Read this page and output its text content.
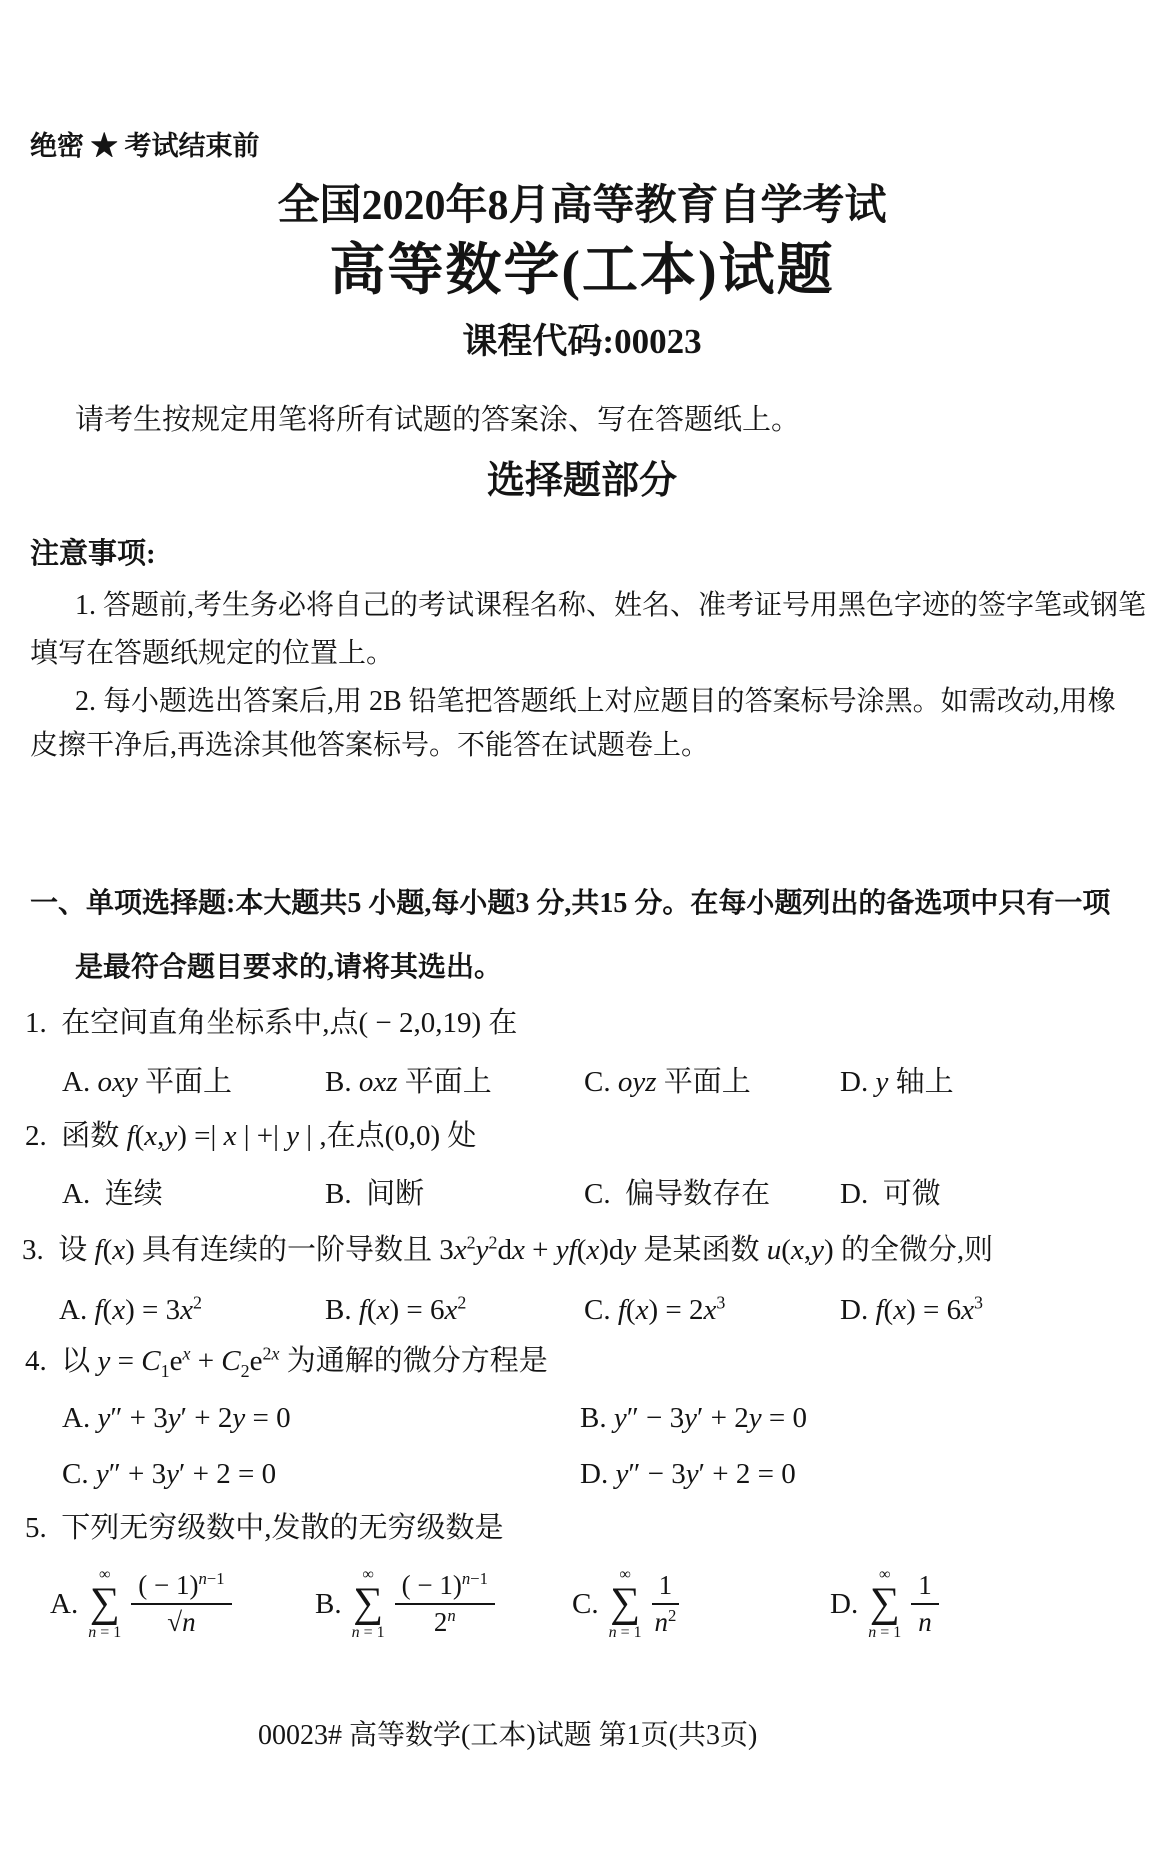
绝密 ★ 考试结束前
全国2020年8月高等教育自学考试
高等数学(工本)试题
课程代码:00023
请考生按规定用笔将所有试题的答案涂、写在答题纸上。
选择题部分
注意事项:
1. 答题前,考生务必将自己的考试课程名称、姓名、准考证号用黑色字迹的签字笔或钢笔
填写在答题纸规定的位置上。
2. 每小题选出答案后,用 2B 铅笔把答题纸上对应题目的答案标号涂黑。如需改动,用橡
皮擦干净后,再选涂其他答案标号。不能答在试题卷上。
一、单项选择题:本大题共5 小题,每小题3 分,共15 分。在每小题列出的备选项中只有一项
是最符合题目要求的,请将其选出。
1.  在空间直角坐标系中,点( − 2,0,19) 在
A. oxy 平面上	B. oxz 平面上	C. oyz 平面上	D. y 轴上
2.  函数 f(x,y) =| x | +| y | ,在点(0,0) 处
A.  连续	B.  间断	C.  偏导数存在 D.  可微
3.  设 f(x) 具有连续的一阶导数且 $3x^2y^2dx + yf(x)dy$ 是某函数 u(x,y) 的全微分,则
A. $f(x) = 3x^2$	B. $f(x) = 6x^2$	C. $f(x) = 2x^3$	D. $f(x) = 6x^3$
4.  以 $y = C_1e^x + C_2e^{2x}$ 为通解的微分方程是
A. y″ + 3y′ + 2y = 0	B. y″ − 3y′ + 2y = 0
C. y″ + 3y′ + 2 = 0	D. y″ − 3y′ + 2 = 0
5.  下列无穷级数中,发散的无穷级数是
A.
∞
∑
$n = 1 \frac{( - 1)^{n-1}}{√n}$	B.
∞
∑
$n = 1 \frac{( - 1)^{n-1}}{2^n}$	C.
∞
∑
$n = 1 \frac{1}{n^2}$	D.
∞
∑
$n = 1 \frac{1}{n}$
00023# 高等数学(工本)试题 第1页(共3页)
